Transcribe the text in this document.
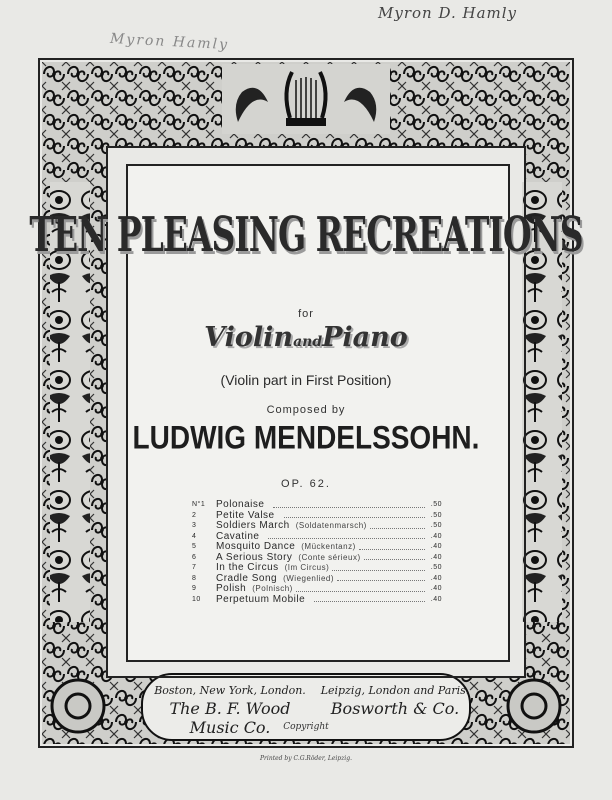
Myron D. Hamly
Myron Hamly
TEN PLEASING RECREATIONS
for
ViolinandPiano
(Violin part in First Position)
Composed by
LUDWIG MENDELSSOHN.
OP. 62.
N°1	Polonaise	.50
2	Petite Valse	.50
3	Soldiers March (Soldatenmarsch)	.50
4	Cavatine	.40
5	Mosquito Dance (Mückentanz)	.40
6	A Serious Story (Conte sérieux)	.40
7	In the Circus (Im Circus)	.50
8	Cradle Song (Wiegenlied)	.40
9	Polish (Polnisch)	.40
10	Perpetuum Mobile	.40
Boston, New York, London.
The B. F. Wood Music Co.
Leipzig, London and Paris.
Bosworth & Co.
Copyright
Printed by C.G.Röder, Leipzig.
